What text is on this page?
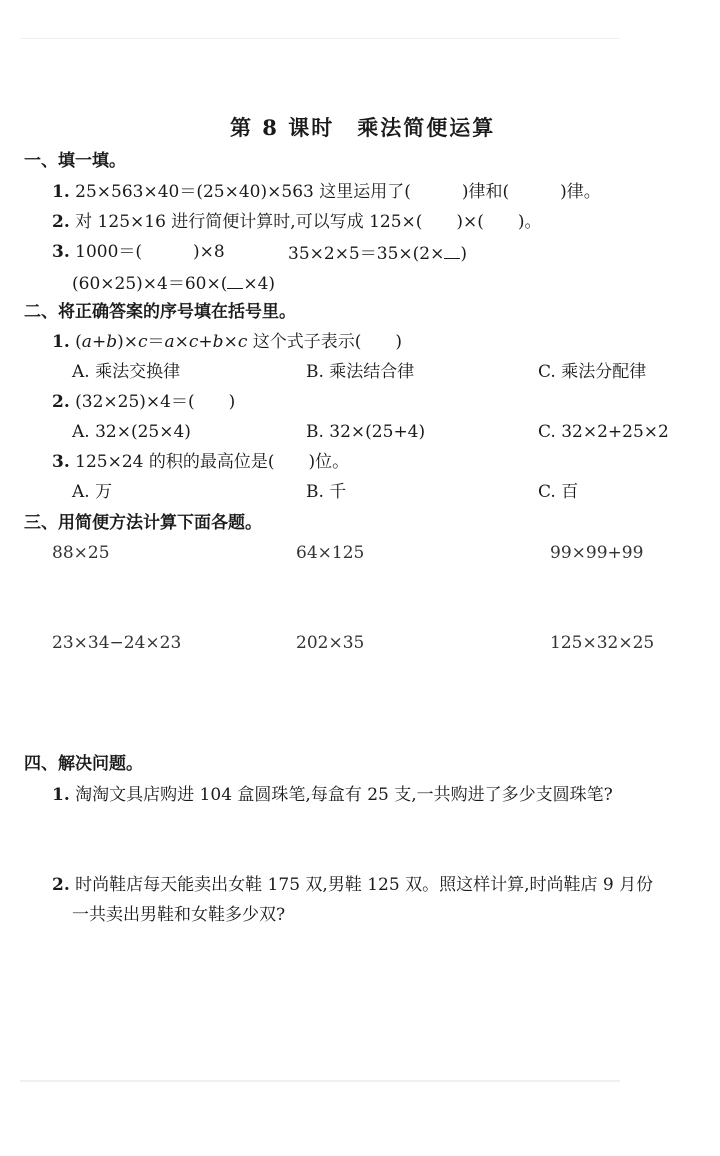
第 8 课时　乘法简便运算
一、填一填。
1. 25×563×40＝(25×40)×563 这里运用了(　　　)律和(　　　)律。
2. 对 125×16 进行简便计算时,可以写成 125×(　　)×(　　)。
3. 1000＝(　　　)×8	35×2×5＝35×(2× )
(60×25)×4＝60×( ×4)
二、将正确答案的序号填在括号里。
1. (a+b)×c＝a×c+b×c 这个式子表示(　　)
A. 乘法交换律	B. 乘法结合律	C. 乘法分配律
2. (32×25)×4＝(　　)
A. 32×(25×4)	B. 32×(25+4)	C. 32×2+25×2
3. 125×24 的积的最高位是(　　)位。
A. 万	B. 千	C. 百
三、用简便方法计算下面各题。
88×25	64×125	99×99+99
23×34−24×23	202×35	125×32×25
四、解决问题。
1. 淘淘文具店购进 104 盒圆珠笔,每盒有 25 支,一共购进了多少支圆珠笔?
2. 时尚鞋店每天能卖出女鞋 175 双,男鞋 125 双。照这样计算,时尚鞋店 9 月份
一共卖出男鞋和女鞋多少双?
